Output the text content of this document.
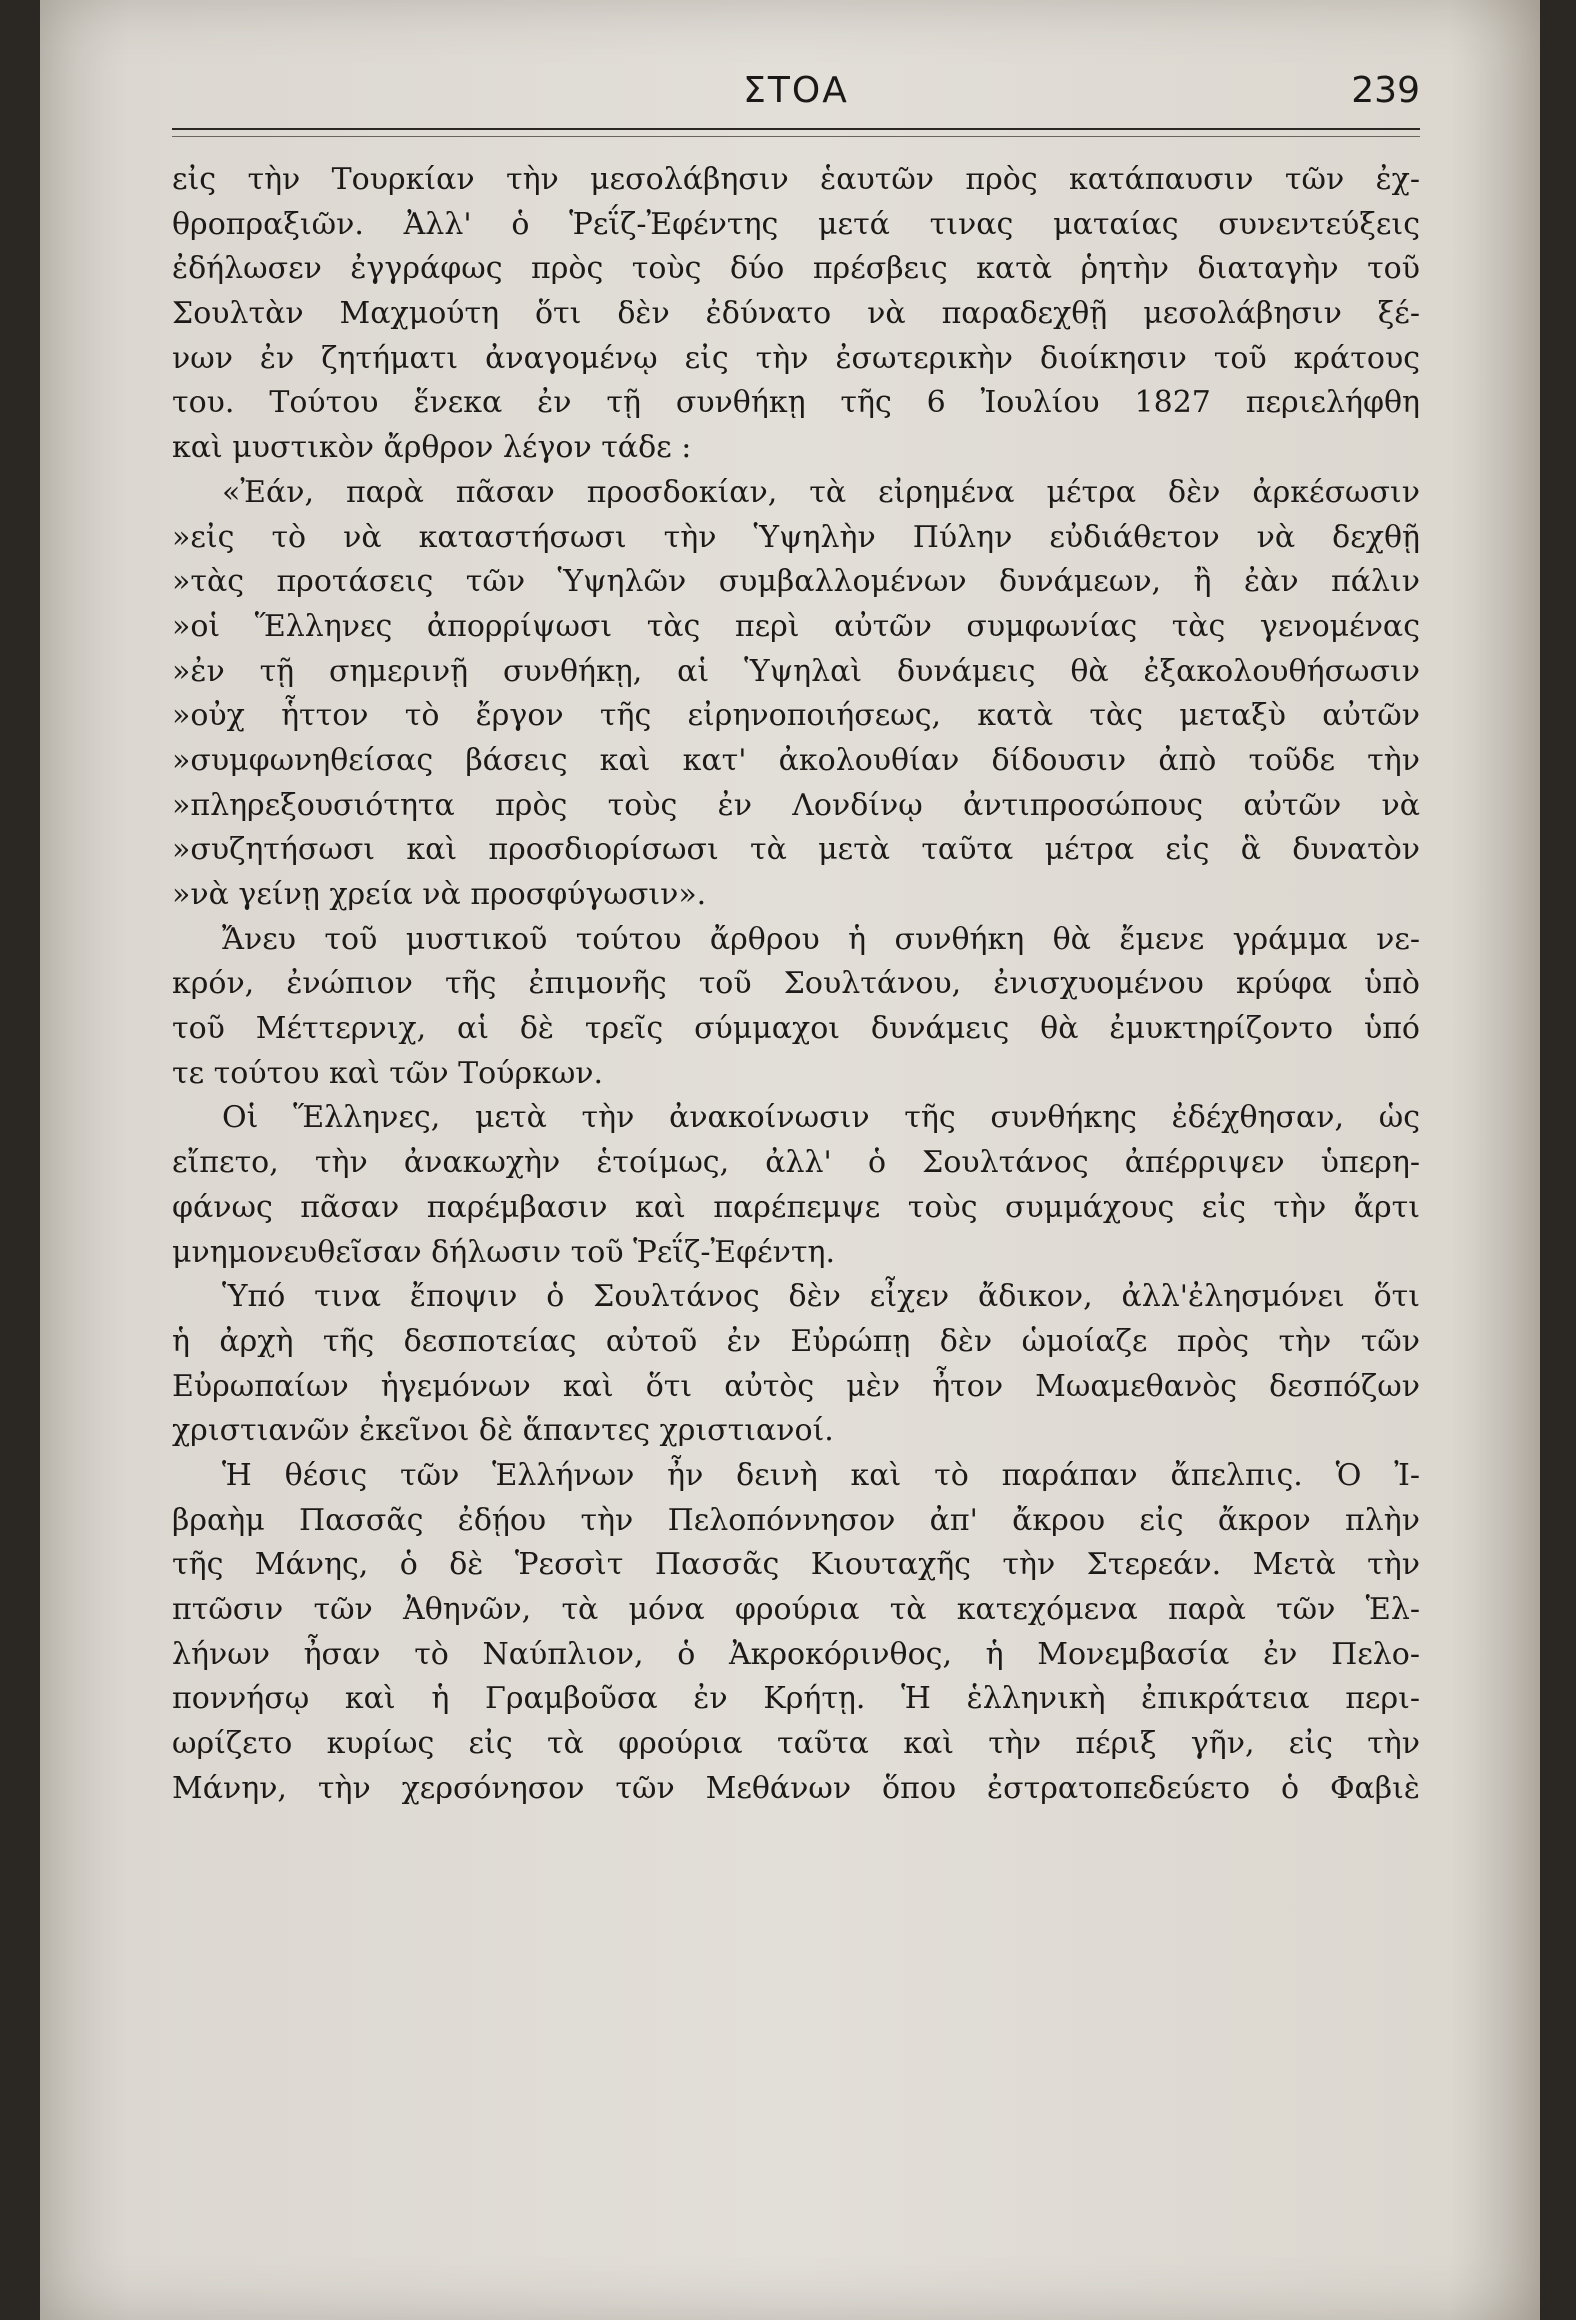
ΣΤΟΑ	239
εἰς τὴν Τουρκίαν τὴν μεσολάβησιν ἑαυτῶν πρὸς κατάπαυσιν τῶν ἐχ-
θροπραξιῶν. Ἀλλ' ὁ Ῥεΐζ-Ἐφέντης μετά τινας ματαίας συνεντεύξεις
ἐδήλωσεν ἐγγράφως πρὸς τοὺς δύο πρέσβεις κατὰ ῥητὴν διαταγὴν τοῦ
Σουλτὰν Μαχμούτη ὅτι δὲν ἐδύνατο νὰ παραδεχθῇ μεσολάβησιν ξέ-
νων ἐν ζητήματι ἀναγομένῳ εἰς τὴν ἐσωτερικὴν διοίκησιν τοῦ κράτους
του. Τούτου ἕνεκα ἐν τῇ συνθήκῃ τῆς 6 Ἰουλίου 1827 περιελήφθη
καὶ μυστικὸν ἄρθρον λέγον τάδε :
«Ἐάν, παρὰ πᾶσαν προσδοκίαν, τὰ εἰρημένα μέτρα δὲν ἀρκέσωσιν
»εἰς τὸ νὰ καταστήσωσι τὴν Ὑψηλὴν Πύλην εὐδιάθετον νὰ δεχθῇ
»τὰς προτάσεις τῶν Ὑψηλῶν συμβαλλομένων δυνάμεων, ἢ ἐὰν πάλιν
»οἱ Ἕλληνες ἀπορρίψωσι τὰς περὶ αὐτῶν συμφωνίας τὰς γενομένας
»ἐν τῇ σημερινῇ συνθήκῃ, αἱ Ὑψηλαὶ δυνάμεις θὰ ἐξακολουθήσωσιν
»οὐχ ἧττον τὸ ἔργον τῆς εἰρηνοποιήσεως, κατὰ τὰς μεταξὺ αὐτῶν
»συμφωνηθείσας βάσεις καὶ κατ' ἀκολουθίαν δίδουσιν ἀπὸ τοῦδε τὴν
»πληρεξουσιότητα πρὸς τοὺς ἐν Λονδίνῳ ἀντιπροσώπους αὐτῶν νὰ
»συζητήσωσι καὶ προσδιορίσωσι τὰ μετὰ ταῦτα μέτρα εἰς ἃ δυνατὸν
»νὰ γείνῃ χρεία νὰ προσφύγωσιν».
Ἄνευ τοῦ μυστικοῦ τούτου ἄρθρου ἡ συνθήκη θὰ ἔμενε γράμμα νε-
κρόν, ἐνώπιον τῆς ἐπιμονῆς τοῦ Σουλτάνου, ἐνισχυομένου κρύφα ὑπὸ
τοῦ Μέττερνιχ, αἱ δὲ τρεῖς σύμμαχοι δυνάμεις θὰ ἐμυκτηρίζοντο ὑπό
τε τούτου καὶ τῶν Τούρκων.
Οἱ Ἕλληνες, μετὰ τὴν ἀνακοίνωσιν τῆς συνθήκης ἐδέχθησαν, ὡς
εἴπετο, τὴν ἀνακωχὴν ἑτοίμως, ἀλλ' ὁ Σουλτάνος ἀπέρριψεν ὑπερη-
φάνως πᾶσαν παρέμβασιν καὶ παρέπεμψε τοὺς συμμάχους εἰς τὴν ἄρτι
μνημονευθεῖσαν δήλωσιν τοῦ Ῥεΐζ-Ἐφέντη.
Ὑπό τινα ἔποψιν ὁ Σουλτάνος δὲν εἶχεν ἄδικον, ἀλλ'ἐλησμόνει ὅτι
ἡ ἀρχὴ τῆς δεσποτείας αὐτοῦ ἐν Εὐρώπῃ δὲν ὡμοίαζε πρὸς τὴν τῶν
Εὐρωπαίων ἡγεμόνων καὶ ὅτι αὐτὸς μὲν ἦτον Μωαμεθανὸς δεσπόζων
χριστιανῶν ἐκεῖνοι δὲ ἅπαντες χριστιανοί.
Ἡ θέσις τῶν Ἑλλήνων ἦν δεινὴ καὶ τὸ παράπαν ἄπελπις. Ὁ Ἰ-
βραὴμ Πασσᾶς ἐδῄου τὴν Πελοπόννησον ἀπ' ἄκρου εἰς ἄκρον πλὴν
τῆς Μάνης, ὁ δὲ Ῥεσσὶτ Πασσᾶς Κιουταχῆς τὴν Στερεάν. Μετὰ τὴν
πτῶσιν τῶν Ἀθηνῶν, τὰ μόνα φρούρια τὰ κατεχόμενα παρὰ τῶν Ἑλ-
λήνων ἦσαν τὸ Ναύπλιον, ὁ Ἀκροκόρινθος, ἡ Μονεμβασία ἐν Πελο-
ποννήσῳ καὶ ἡ Γραμβοῦσα ἐν Κρήτῃ. Ἡ ἑλληνικὴ ἐπικράτεια περι-
ωρίζετο κυρίως εἰς τὰ φρούρια ταῦτα καὶ τὴν πέριξ γῆν, εἰς τὴν
Μάνην, τὴν χερσόνησον τῶν Μεθάνων ὅπου ἐστρατοπεδεύετο ὁ Φαβιὲ
